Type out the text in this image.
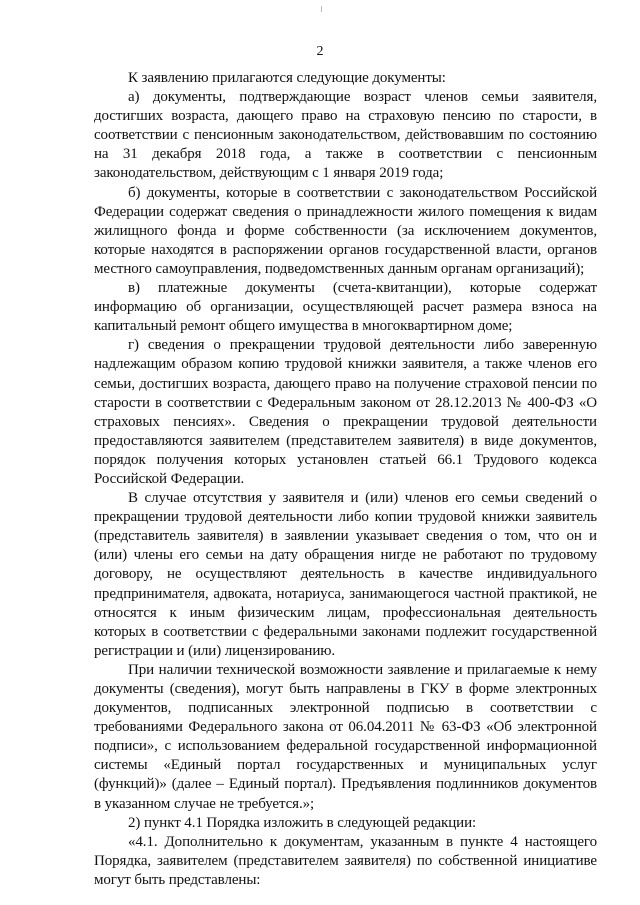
2

К заявлению прилагаются следующие документы:

а) документы, подтверждающие возраст членов семьи заявителя, достигших возраста, дающего право на страховую пенсию по старости, в соответствии с пенсионным законодательством, действовавшим по состоянию на 31 декабря 2018 года, а также в соответствии с пенсионным законодательством, действующим с 1 января 2019 года;

б) документы, которые в соответствии с законодательством Российской Федерации содержат сведения о принадлежности жилого помещения к видам жилищного фонда и форме собственности (за исключением документов, которые находятся в распоряжении органов государственной власти, органов местного самоуправления, подведомственных данным органам организаций);

в) платежные документы (счета-квитанции), которые содержат информацию об организации, осуществляющей расчет размера взноса на капитальный ремонт общего имущества в многоквартирном доме;

г) сведения о прекращении трудовой деятельности либо заверенную надлежащим образом копию трудовой книжки заявителя, а также членов его семьи, достигших возраста, дающего право на получение страховой пенсии по старости в соответствии с Федеральным законом от 28.12.2013 № 400-ФЗ «О страховых пенсиях». Сведения о прекращении трудовой деятельности предоставляются заявителем (представителем заявителя) в виде документов, порядок получения которых установлен статьей 66.1 Трудового кодекса Российской Федерации.

В случае отсутствия у заявителя и (или) членов его семьи сведений о прекращении трудовой деятельности либо копии трудовой книжки заявитель (представитель заявителя) в заявлении указывает сведения о том, что он и (или) члены его семьи на дату обращения нигде не работают по трудовому договору, не осуществляют деятельность в качестве индивидуального предпринимателя, адвоката, нотариуса, занимающегося частной практикой, не относятся к иным физическим лицам, профессиональная деятельность которых в соответствии с федеральными законами подлежит государственной регистрации и (или) лицензированию.

При наличии технической возможности заявление и прилагаемые к нему документы (сведения), могут быть направлены в ГКУ в форме электронных документов, подписанных электронной подписью в соответствии с требованиями Федерального закона от 06.04.2011 № 63-ФЗ «Об электронной подписи», с использованием федеральной государственной информационной системы «Единый портал государственных и муниципальных услуг (функций)» (далее – Единый портал). Предъявления подлинников документов в указанном случае не требуется.»;

2) пункт 4.1 Порядка изложить в следующей редакции:

«4.1. Дополнительно к документам, указанным в пункте 4 настоящего Порядка, заявителем (представителем заявителя) по собственной инициативе могут быть представлены:
